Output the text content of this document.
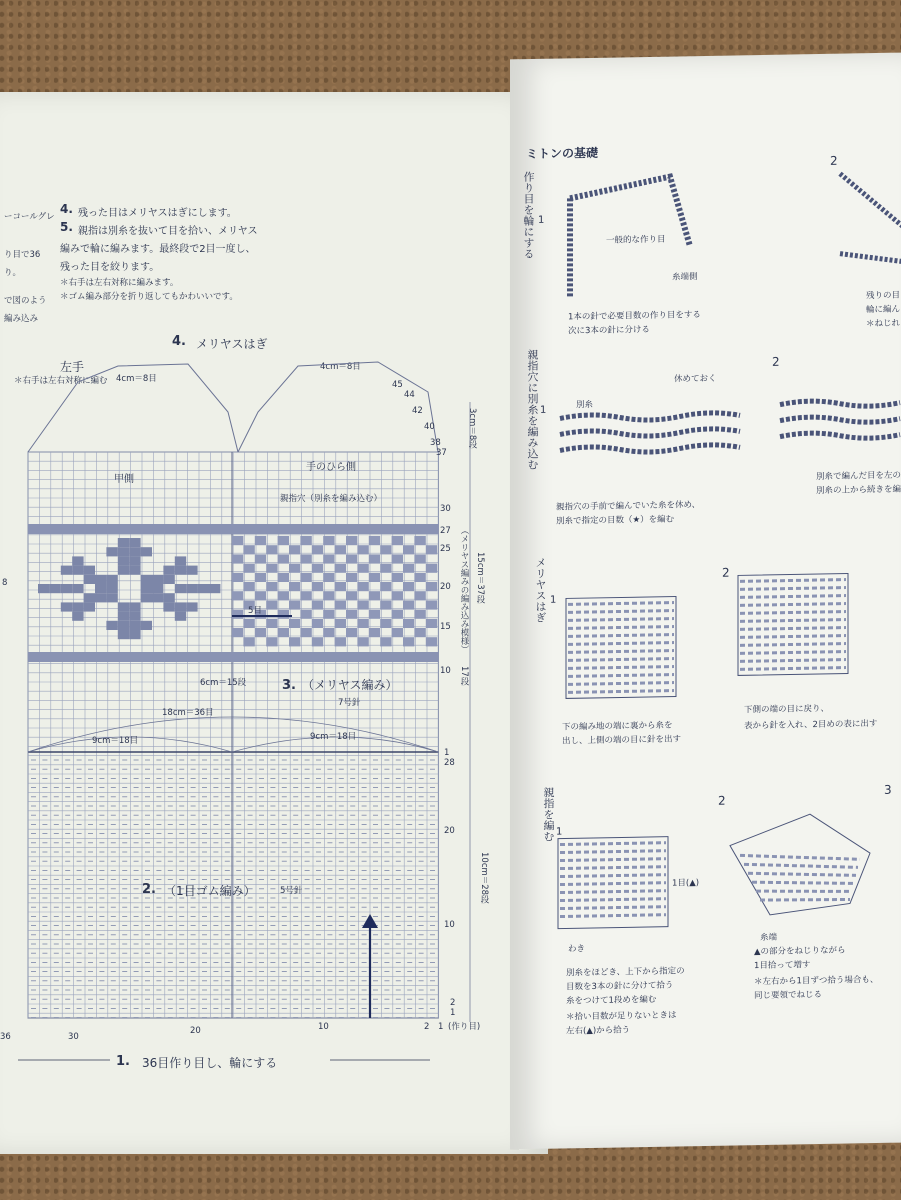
ーコールグレ
り目で36
り。
で図のよう
編み込み
4. 残った目はメリヤスはぎにします。
5. 親指は別糸を抜いて目を拾い、メリヤス
編みで輪に編みます。最終段で2目一度し、
残った目を絞ります。
＊右手は左右対称に編みます。
＊ゴム編み部分を折り返してもかわいいです。
4. メリヤスはぎ
左手
＊右手は左右対称に編む 4cm＝8目
4cm＝8目
甲側
手のひら側
親指穴（別糸を編み込む）
5目
6cm＝15段	3. （メリヤス編み）
7号針
18cm＝36目
9cm＝18目	9cm＝18目
2. （1目ゴム編み）	5号針
1. 36目作り目し、輪にする
(作り目)
3cm＝8段
15cm＝37段
（メリヤス編みの編み込み模様）
17段
10cm＝28段
8
45
44
42
40
38
37
30
27
25
20
15
10
1
28
20
10
2
1
36	30
20	10	2 1
ミトンの基礎
作り目を輪にする 1
2
一般的な作り目
糸端側
1本の針で必要目数の作り目をする
次に3本の針に分ける
残りの目
輪に編ん
＊ねじれ
親指穴に別糸を編み込む 1
2
休めておく
別糸
親指穴の手前で編んでいた糸を休め、
別糸で指定の目数（★）を編む
別糸で編んだ目を左の
別糸の上から続きを編
メリヤスはぎ 1
2
下の編み地の端に裏から糸を
出し、上側の端の目に針を出す
下側の端の目に戻り、
表から針を入れ、2目めの表に出す
親指を編む 1
2
3
1目(▲)
わき
糸端
別糸をほどき、上下から指定の
目数を3本の針に分けて拾う
糸をつけて1段めを編む
＊拾い目数が足りないときは
左右(▲)から拾う
▲の部分をねじりながら
1目拾って増す
＊左右から1目ずつ拾う場合も、
同じ要領でねじる
